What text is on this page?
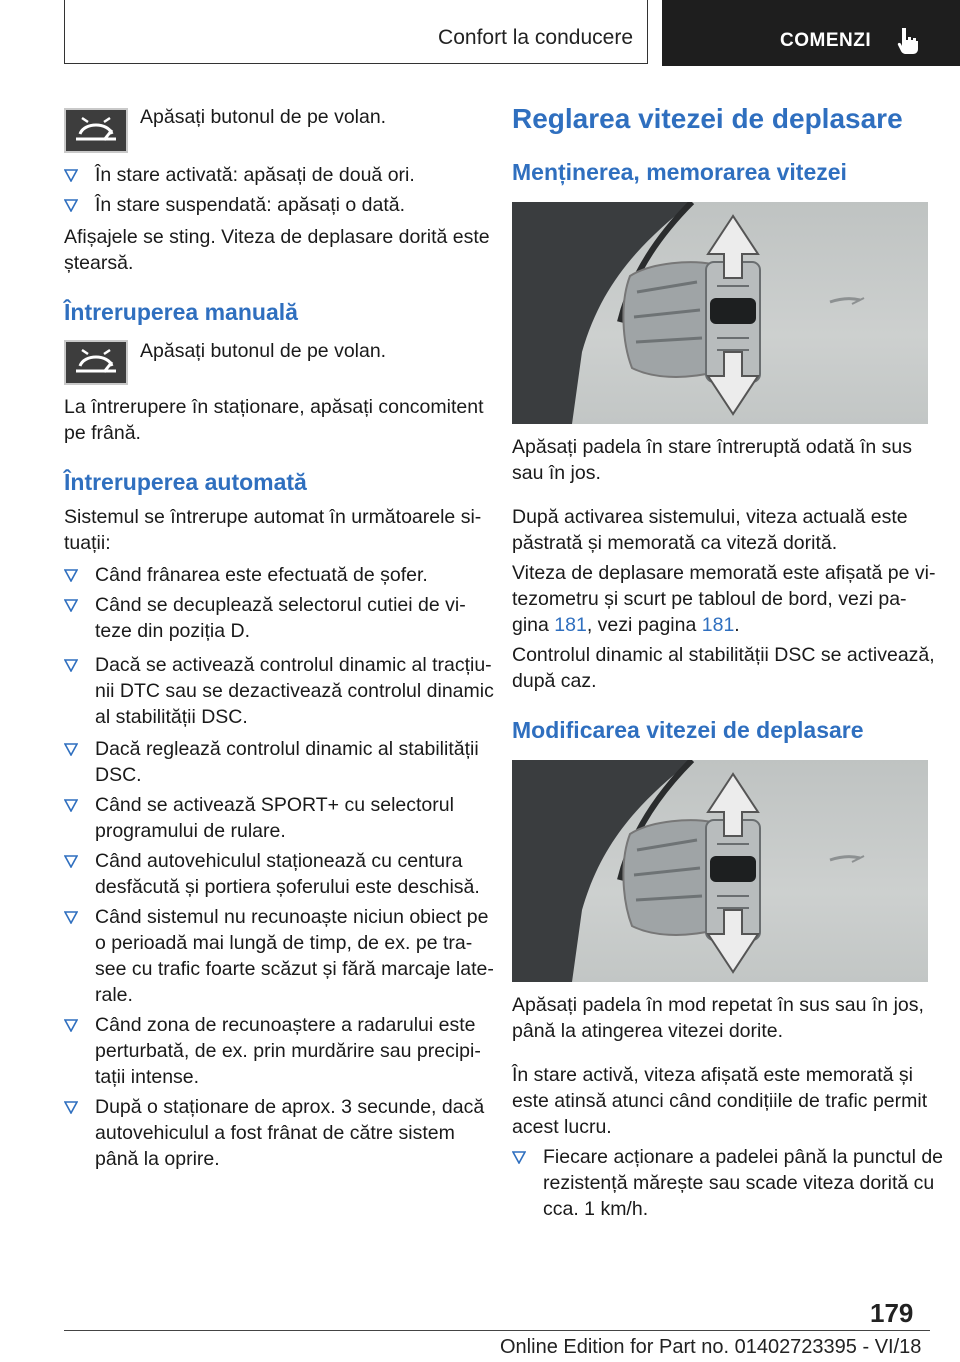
Confort la conducere	COMENZI

Apăsați butonul de pe volan.

În stare activată: apăsați de două ori.
În stare suspendată: apăsați o dată.

Afișajele se sting. Viteza de deplasare dorită este
ștearsă.

Întreruperea manuală

Apăsați butonul de pe volan.

La întrerupere în staționare, apăsați concomitent
pe frână.

Întreruperea automată

Sistemul se întrerupe automat în următoarele si-
tuații:

Când frânarea este efectuată de șofer.
Când se decuplează selectorul cutiei de vi-
teze din poziția D.
Dacă se activează controlul dinamic al tracțiu-
nii DTC sau se dezactivează controlul dinamic
al stabilității DSC.
Dacă reglează controlul dinamic al stabilității
DSC.
Când se activează SPORT+ cu selectorul
programului de rulare.
Când autovehiculul staționează cu centura
desfăcută și portiera șoferului este deschisă.
Când sistemul nu recunoaște niciun obiect pe
o perioadă mai lungă de timp, de ex. pe tra-
see cu trafic foarte scăzut și fără marcaje late-
rale.
Când zona de recunoaștere a radarului este
perturbată, de ex. prin murdărire sau precipi-
tații intense.
După o staționare de aprox. 3 secunde, dacă
autovehiculul a fost frânat de către sistem
până la oprire.
Reglarea vitezei de deplasare
Menținerea, memorarea vitezei

Apăsați padela în stare întreruptă odată în sus
sau în jos.

După activarea sistemului, viteza actuală este
păstrată și memorată ca viteză dorită.

Viteza de deplasare memorată este afișată pe vi-
tezometru și scurt pe tabloul de bord, vezi pa-
gina 181, vezi pagina 181.

Controlul dinamic al stabilității DSC se activează,
după caz.

Modificarea vitezei de deplasare

Apăsați padela în mod repetat în sus sau în jos,
până la atingerea vitezei dorite.

În stare activă, viteza afișată este memorată și
este atinsă atunci când condițiile de trafic permit
acest lucru.

Fiecare acționare a padelei până la punctul de
rezistență mărește sau scade viteza dorită cu
cca. 1 km/h.
179
Online Edition for Part no. 01402723395 - VI/18
